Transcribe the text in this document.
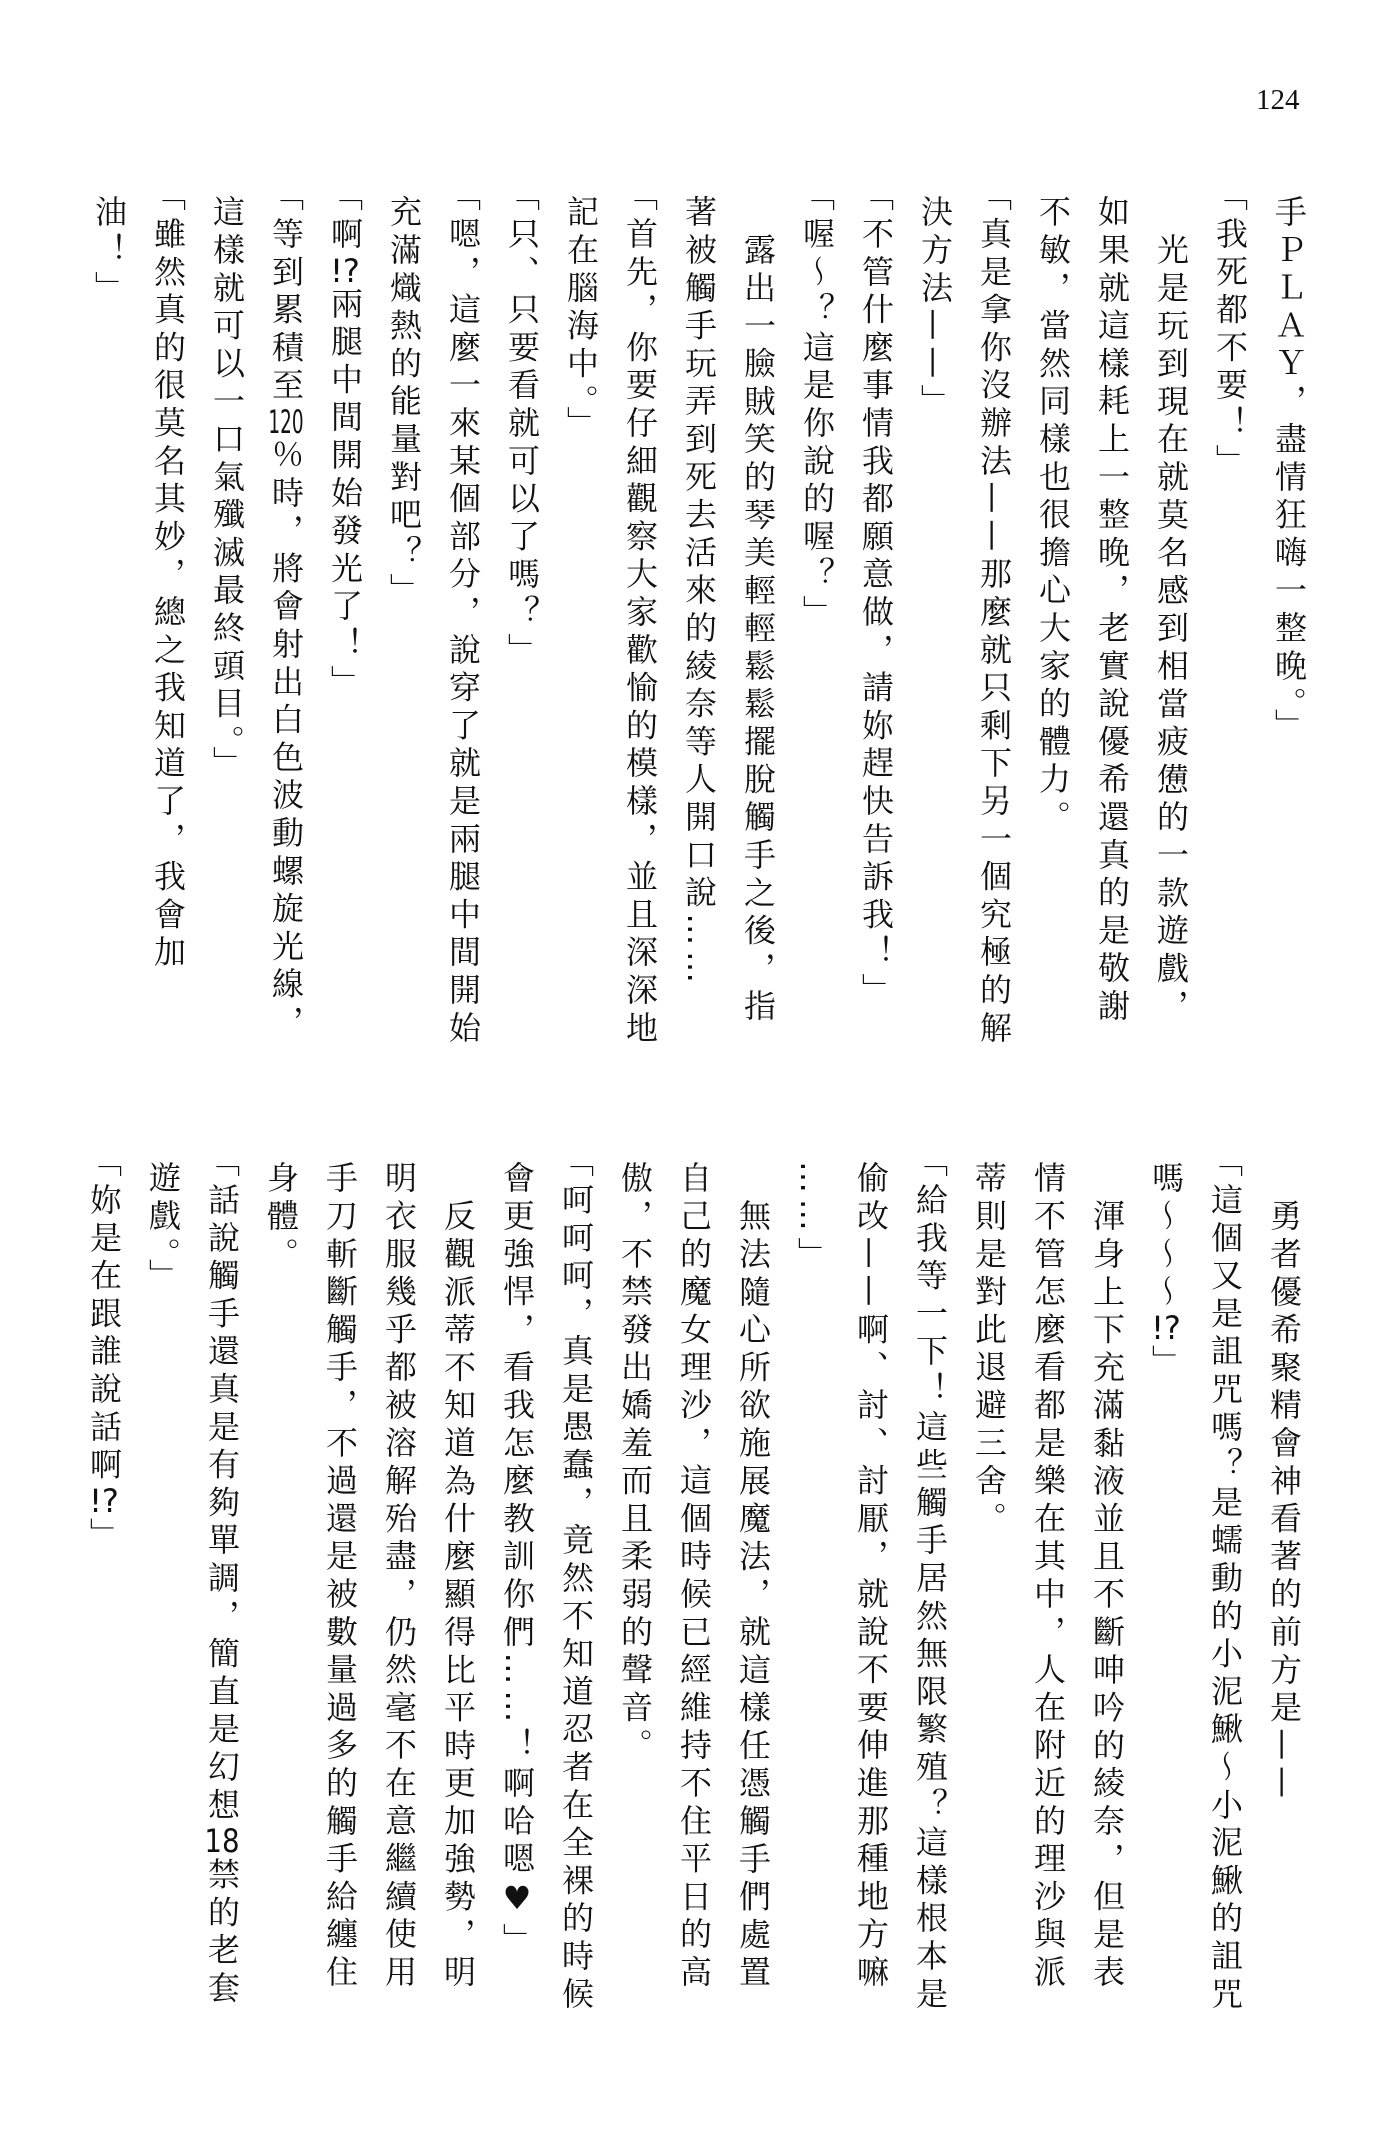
124
手ＰＬＡＹ，盡情狂嗨一整晚。」
「我死都不要！」
光是玩到現在就莫名感到相當疲憊的一款遊戲，
如果就這樣耗上一整晚，老實說優希還真的是敬謝
不敏，當然同樣也很擔心大家的體力。
「真是拿你沒辦法——那麼就只剩下另一個究極的解
決方法——」
「不管什麼事情我都願意做，請妳趕快告訴我！」
「喔～？這是你說的喔？」
露出一臉賊笑的琴美輕輕鬆鬆擺脫觸手之後，指
著被觸手玩弄到死去活來的綾奈等人開口說……
「首先，你要仔細觀察大家歡愉的模樣，並且深深地
記在腦海中。」
「只、只要看就可以了嗎？」
「嗯，這麼一來某個部分，說穿了就是兩腿中間開始
充滿熾熱的能量對吧？」
「啊!?兩腿中間開始發光了！」
「等到累積至120％時，將會射出白色波動螺旋光線，
這樣就可以一口氣殲滅最終頭目。」
「雖然真的很莫名其妙，總之我知道了，我會加
油！」
勇者優希聚精會神看著的前方是——
「這個又是詛咒嗎？是蠕動的小泥鰍～小泥鰍的詛咒
嗎～～～!?」
渾身上下充滿黏液並且不斷呻吟的綾奈，但是表
情不管怎麼看都是樂在其中，人在附近的理沙與派
蒂則是對此退避三舍。
「給我等一下！這些觸手居然無限繁殖？這樣根本是
偷改——啊、討、討厭，就說不要伸進那種地方嘛
……」
無法隨心所欲施展魔法，就這樣任憑觸手們處置
自己的魔女理沙，這個時候已經維持不住平日的高
傲，不禁發出嬌羞而且柔弱的聲音。
「呵呵呵，真是愚蠢，竟然不知道忍者在全裸的時候
會更強悍，看我怎麼教訓你們……！啊哈嗯♥」
反觀派蒂不知道為什麼顯得比平時更加強勢，明
明衣服幾乎都被溶解殆盡，仍然毫不在意繼續使用
手刀斬斷觸手，不過還是被數量過多的觸手給纏住
身體。
「話說觸手還真是有夠單調，簡直是幻想18禁的老套
遊戲。」
「妳是在跟誰說話啊!?」
